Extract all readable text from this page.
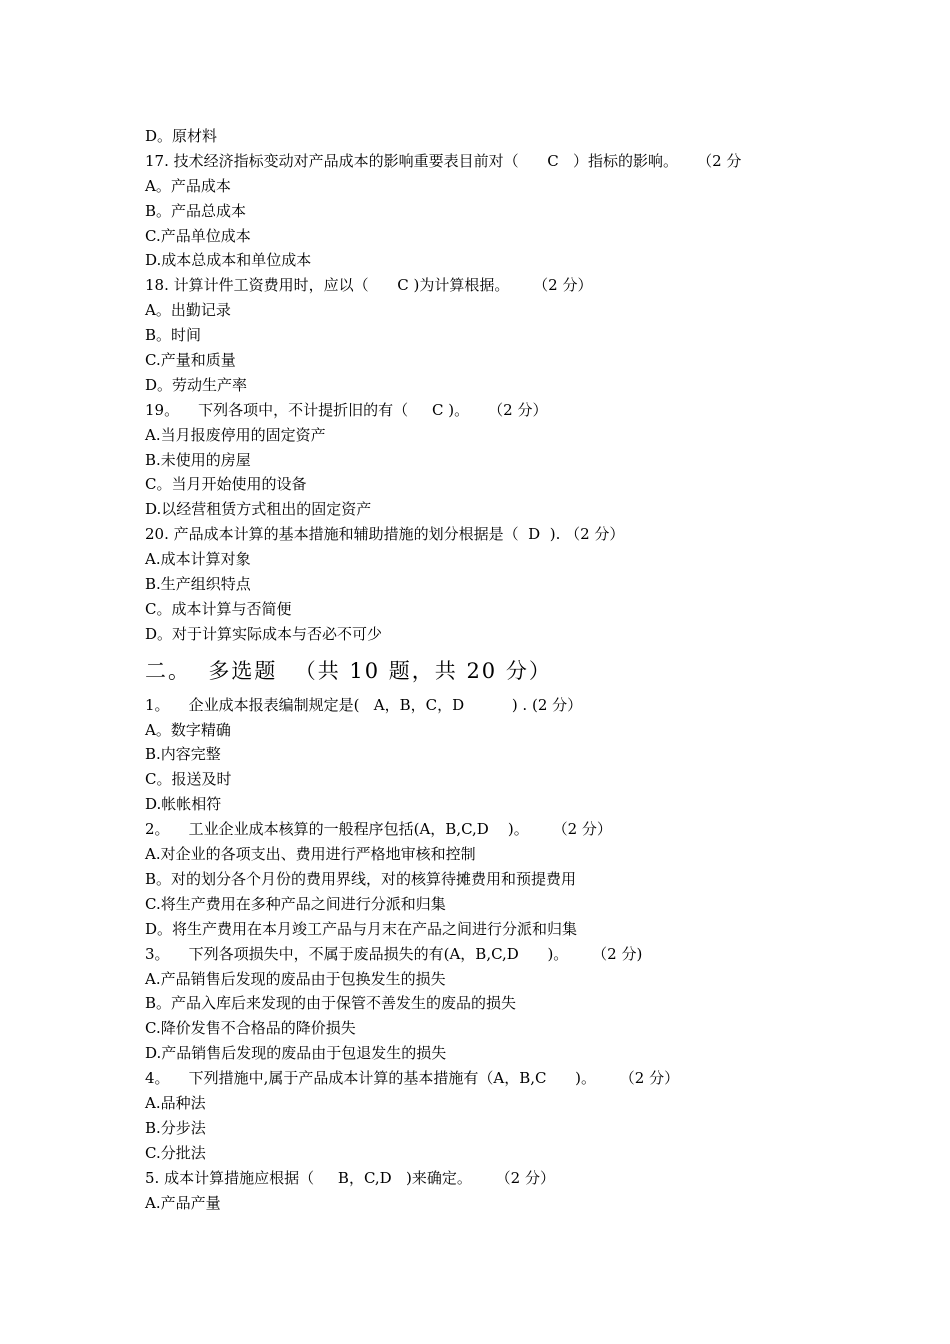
D。原材料
17. 技术经济指标变动对产品成本的影响重要表目前对（      C   ）指标的影响。    （2 分
A。产品成本
B。产品总成本
C.产品单位成本
D.成本总成本和单位成本
18. 计算计件工资费用时，应以（      C )为计算根据。     （2 分）
A。出勤记录
B。时间
C.产量和质量
D。劳动生产率
19。    下列各项中，不计提折旧的有（     C )。    （2 分）
A.当月报废停用的固定资产
B.未使用的房屋
C。当月开始使用的设备
D.以经营租赁方式租出的固定资产
20. 产品成本计算的基本措施和辅助措施的划分根据是（  D  ). （2 分）
A.成本计算对象
B.生产组织特点
C。成本计算与否简便
D。对于计算实际成本与否必不可少
二。  多选题  （共 10 题，共 20 分）
1。    企业成本报表编制规定是(   A，B，C，D          ) . (2 分）
A。数字精确
B.内容完整
C。报送及时
D.帐帐相符
2。    工业企业成本核算的一般程序包括(A，B,C,D    )。     （2 分）
A.对企业的各项支出、费用进行严格地审核和控制
B。对的划分各个月份的费用界线，对的核算待摊费用和预提费用
C.将生产费用在多种产品之间进行分派和归集
D。将生产费用在本月竣工产品与月末在产品之间进行分派和归集
3。    下列各项损失中，不属于废品损失的有(A，B,C,D      )。     （2 分)
A.产品销售后发现的废品由于包换发生的损失
B。产品入库后来发现的由于保管不善发生的废品的损失
C.降价发售不合格品的降价损失
D.产品销售后发现的废品由于包退发生的损失
4。    下列措施中,属于产品成本计算的基本措施有（A，B,C      )。     （2 分）
A.品种法
B.分步法
C.分批法
5. 成本计算措施应根据（     B，C,D   )来确定。     （2 分）
A.产品产量
